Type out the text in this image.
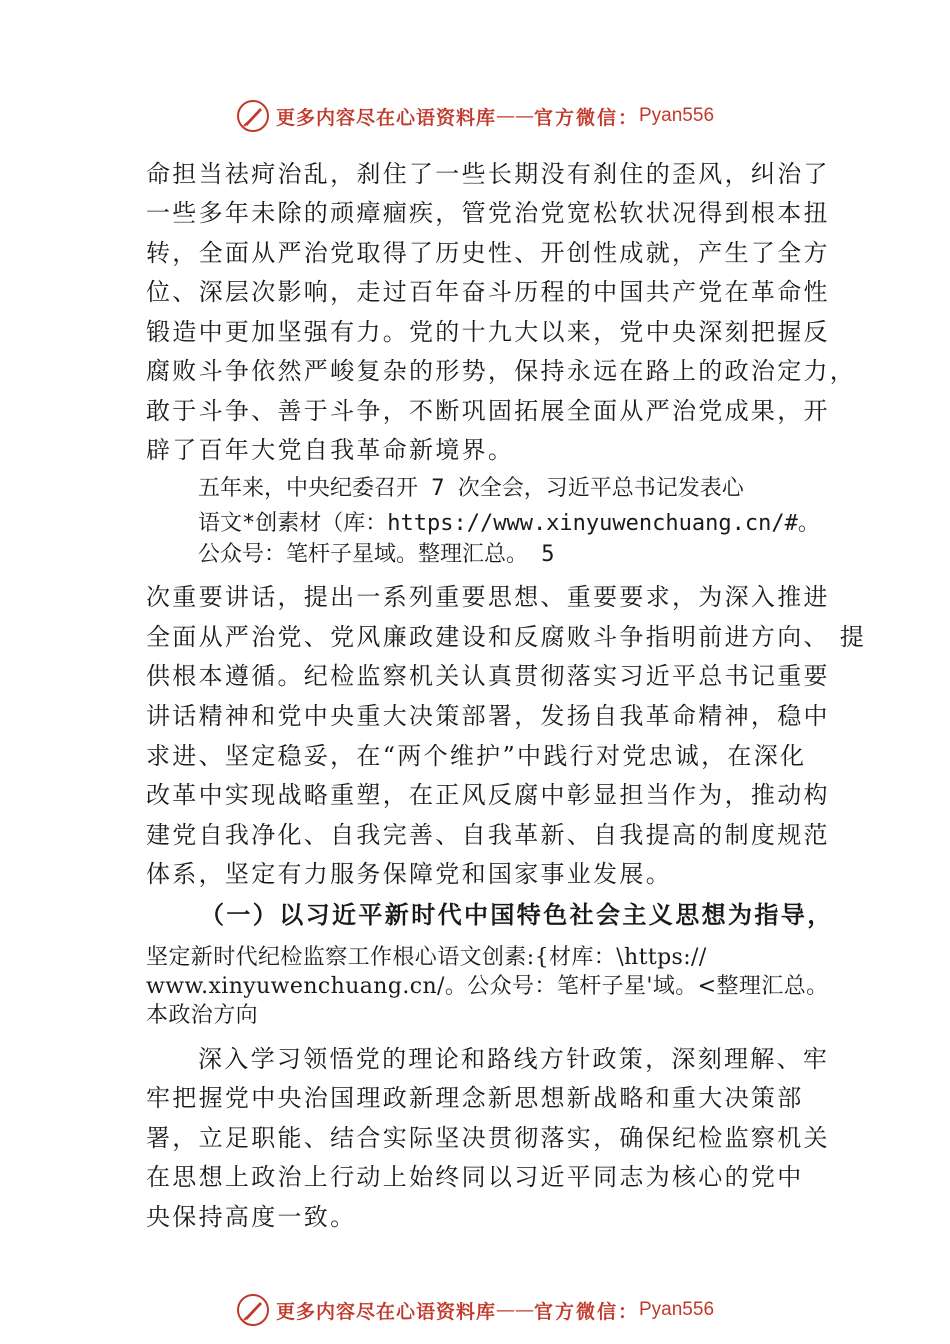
更多内容尽在心语资料库 —— 官方微信： Pyan556
命担当祛疴治乱，刹住了一些长期没有刹住的歪风，纠治了
一些多年未除的顽瘴痼疾，管党治党宽松软状况得到根本扭
转，全面从严治党取得了历史性、开创性成就，产生了全方
位、深层次影响，走过百年奋斗历程的中国共产党在革命性
锻造中更加坚强有力。党的十九大以来，党中央深刻把握反
腐败斗争依然严峻复杂的形势，保持永远在路上的政治定力，
敢于斗争、善于斗争，不断巩固拓展全面从严治党成果，开
辟了百年大党自我革命新境界。
五年来，中央纪委召开 7 次全会，习近平总书记发表心
语文*创素材（库：https://www.xinyuwenchuang.cn/#。
公众号：笔杆子星域。整理汇总。 5
次重要讲话，提出一系列重要思想、重要要求，为深入推进
全面从严治党、党风廉政建设和反腐败斗争指明前进方向、 提
供根本遵循。纪检监察机关认真贯彻落实习近平总书记重要
讲话精神和党中央重大决策部署，发扬自我革命精神，稳中
求进、坚定稳妥，在“两个维护”中践行对党忠诚，在深化
改革中实现战略重塑，在正风反腐中彰显担当作为，推动构
建党自我净化、自我完善、自我革新、自我提高的制度规范
体系，坚定有力服务保障党和国家事业发展。
（一）以习近平新时代中国特色社会主义思想为指导，
坚定新时代纪检监察工作根心语文创素:{材库：\https://
www.xinyuwenchuang.cn/。公众号：笔杆子星'域。<整理汇总。
本政治方向
深入学习领悟党的理论和路线方针政策，深刻理解、牢
牢把握党中央治国理政新理念新思想新战略和重大决策部
署，立足职能、结合实际坚决贯彻落实，确保纪检监察机关
在思想上政治上行动上始终同以习近平同志为核心的党中
央保持高度一致。
更多内容尽在心语资料库 —— 官方微信： Pyan556
